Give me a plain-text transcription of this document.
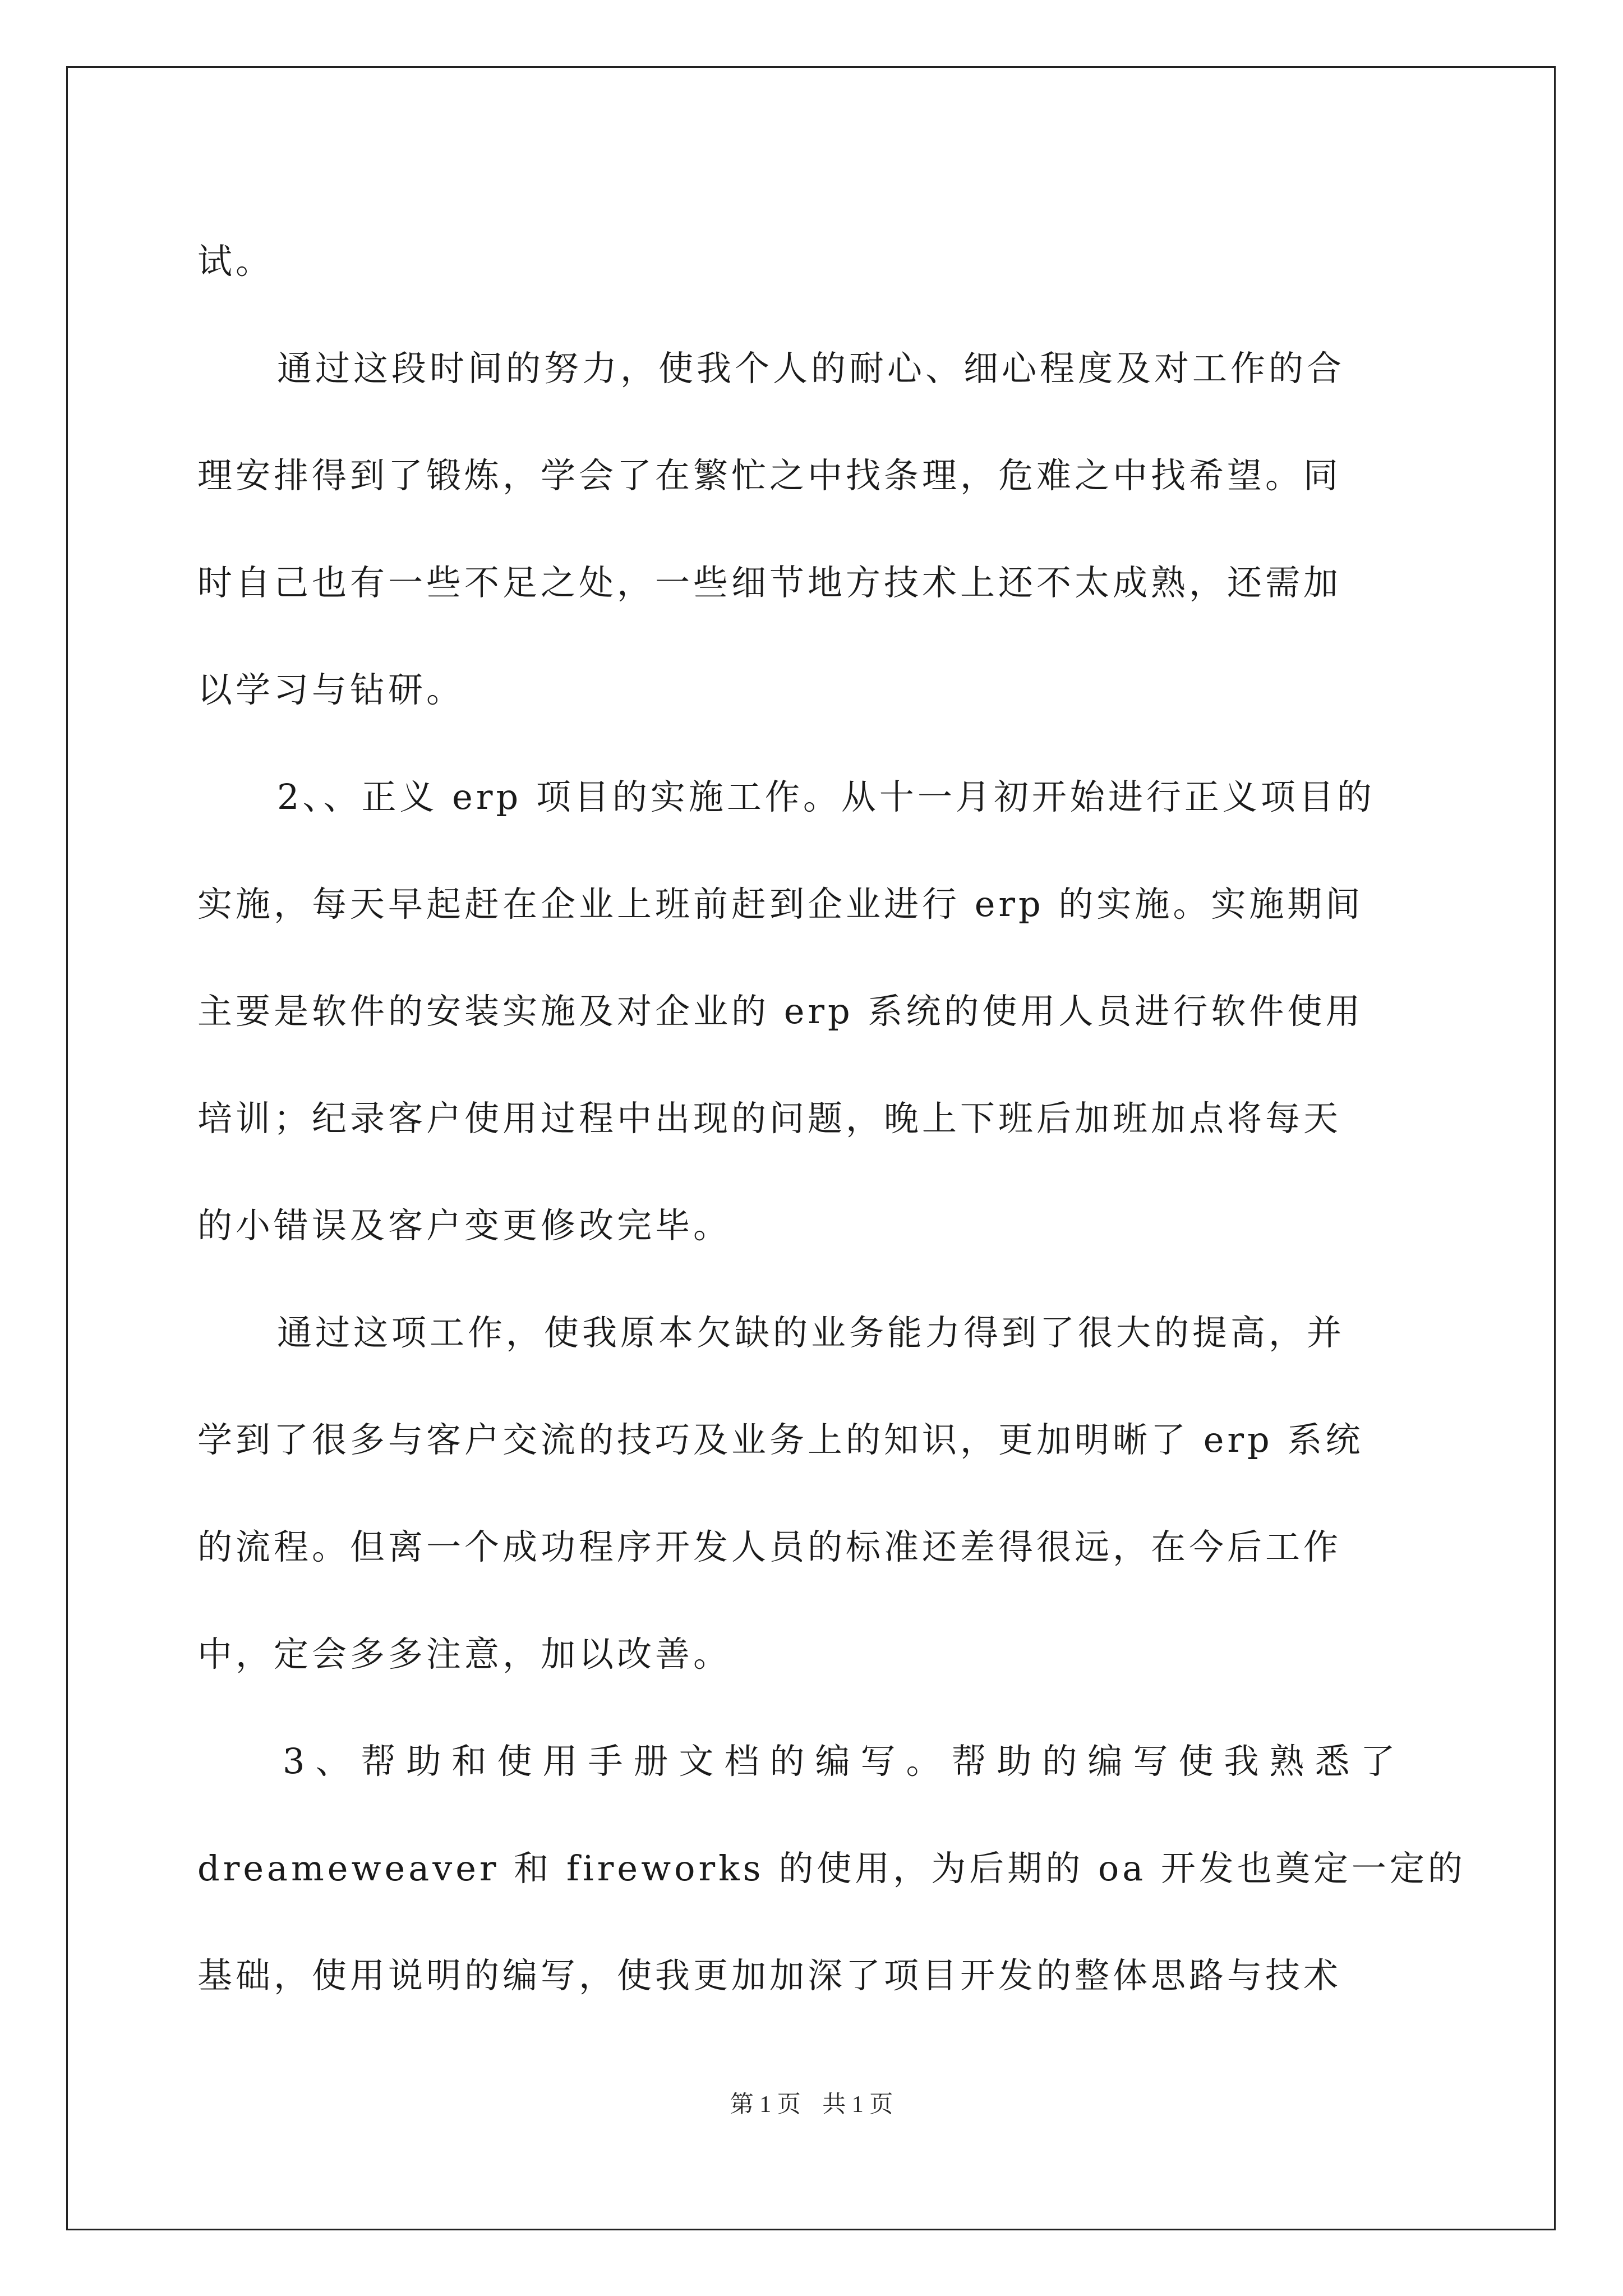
试。
通过这段时间的努力，使我个人的耐心、细心程度及对工作的合
理安排得到了锻炼，学会了在繁忙之中找条理，危难之中找希望。同
时自己也有一些不足之处，一些细节地方技术上还不太成熟，还需加
以学习与钻研。
2、、正义 erp 项目的实施工作。从十一月初开始进行正义项目的
实施，每天早起赶在企业上班前赶到企业进行 erp 的实施。实施期间
主要是软件的安装实施及对企业的 erp 系统的使用人员进行软件使用
培训；纪录客户使用过程中出现的问题，晚上下班后加班加点将每天
的小错误及客户变更修改完毕。
通过这项工作，使我原本欠缺的业务能力得到了很大的提高，并
学到了很多与客户交流的技巧及业务上的知识，更加明晰了 erp 系统
的流程。但离一个成功程序开发人员的标准还差得很远，在今后工作
中，定会多多注意，加以改善。
3、帮助和使用手册文档的编写。帮助的编写使我熟悉了
dreameweaver 和 fireworks 的使用，为后期的 oa 开发也奠定一定的
基础，使用说明的编写，使我更加加深了项目开发的整体思路与技术
第 1 页 共 1 页
